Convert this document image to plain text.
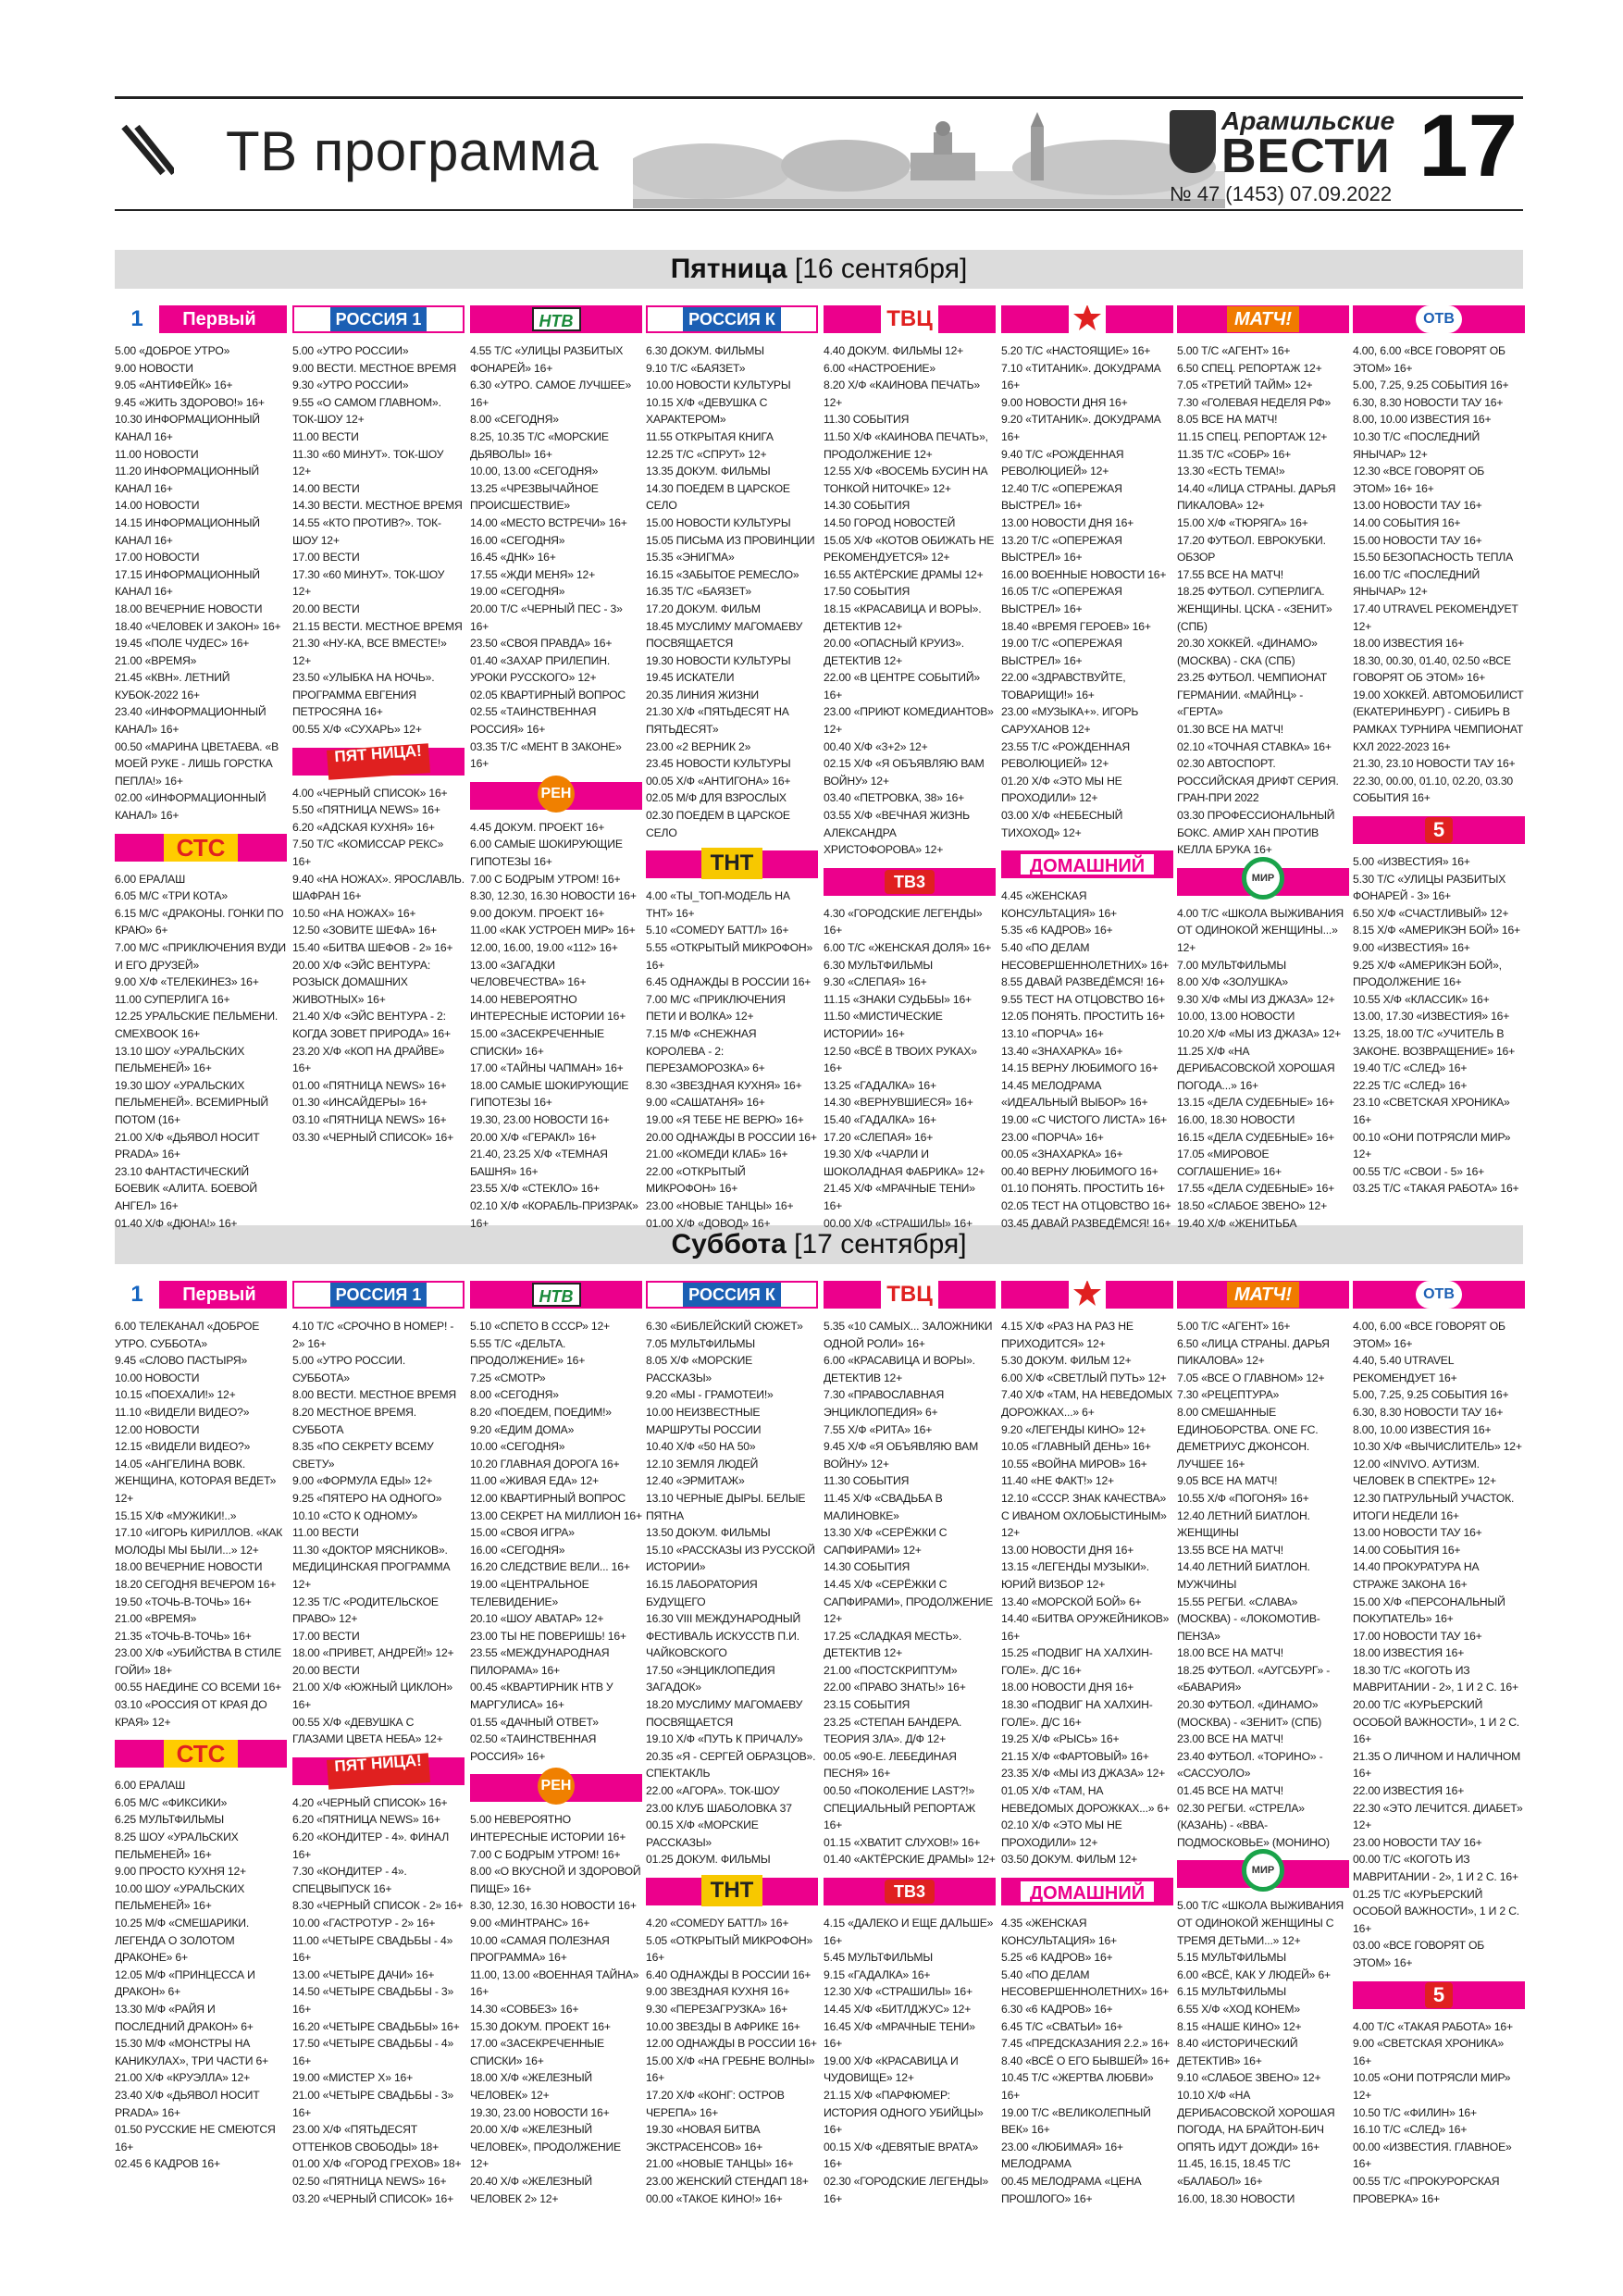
ТВ программа	Арамильские
ВЕСТИ
№ 47 (1453) 07.09.2022 17
Пятница [16 сентября]
Суббота [17 сентября]
1	Первый
5.00 «ДОБРОЕ УТРО»
9.00 НОВОСТИ
9.05 «АНТИФЕЙК» 16+
9.45 «ЖИТЬ ЗДОРОВО!» 16+
10.30 ИНФОРМАЦИОННЫЙ КАНАЛ 16+
11.00 НОВОСТИ
11.20 ИНФОРМАЦИОННЫЙ КАНАЛ 16+
14.00 НОВОСТИ
14.15 ИНФОРМАЦИОННЫЙ КАНАЛ 16+
17.00 НОВОСТИ
17.15 ИНФОРМАЦИОННЫЙ КАНАЛ 16+
18.00 ВЕЧЕРНИЕ НОВОСТИ
18.40 «ЧЕЛОВЕК И ЗАКОН» 16+
19.45 «ПОЛЕ ЧУДЕС» 16+
21.00 «ВРЕМЯ»
21.45 «КВН». ЛЕТНИЙ КУБОК-2022 16+
23.40 «ИНФОРМАЦИОННЫЙ КАНАЛ» 16+
00.50 «МАРИНА ЦВЕТАЕВА. «В МОЕЙ РУКЕ - ЛИШЬ ГОРСТКА ПЕПЛА!» 16+
02.00 «ИНФОРМАЦИОННЫЙ КАНАЛ» 16+
СТС
6.00 ЕРАЛАШ
6.05 М/С «ТРИ КОТА»
6.15 М/С «ДРАКОНЫ. ГОНКИ ПО КРАЮ» 6+
7.00 М/С «ПРИКЛЮЧЕНИЯ ВУДИ И ЕГО ДРУЗЕЙ»
9.00 Х/Ф «ТЕЛЕКИНЕЗ» 16+
11.00 СУПЕРЛИГА 16+
12.25 УРАЛЬСКИЕ ПЕЛЬМЕНИ. СМЕХBOOK 16+
13.10 ШОУ «УРАЛЬСКИХ ПЕЛЬМЕНЕЙ» 16+
19.30 ШОУ «УРАЛЬСКИХ ПЕЛЬМЕНЕЙ». ВСЕМИРНЫЙ ПОТОМ (16+
21.00 Х/Ф «ДЬЯВОЛ НОСИТ PRADA» 16+
23.10 ФАНТАСТИЧЕСКИЙ БОЕВИК «АЛИТА. БОЕВОЙ АНГЕЛ» 16+
01.40 Х/Ф «ДЮНА!» 16+
РОССИЯ 1
5.00 «УТРО РОССИИ»
9.00 ВЕСТИ. МЕСТНОЕ ВРЕМЯ
9.30 «УТРО РОССИИ»
9.55 «О САМОМ ГЛАВНОМ». ТОК-ШОУ 12+
11.00 ВЕСТИ
11.30 «60 МИНУТ». ТОК-ШОУ 12+
14.00 ВЕСТИ
14.30 ВЕСТИ. МЕСТНОЕ ВРЕМЯ
14.55 «КТО ПРОТИВ?». ТОК-ШОУ 12+
17.00 ВЕСТИ
17.30 «60 МИНУТ». ТОК-ШОУ 12+
20.00 ВЕСТИ
21.15 ВЕСТИ. МЕСТНОЕ ВРЕМЯ
21.30 «НУ-КА, ВСЕ ВМЕСТЕ!» 12+
23.50 «УЛЫБКА НА НОЧЬ». ПРОГРАММА ЕВГЕНИЯ ПЕТРОСЯНА 16+
00.55 Х/Ф «СУХАРЬ» 12+
ПЯТ НИЦА!
4.00 «ЧЕРНЫЙ СПИСОК» 16+
5.50 «ПЯТНИЦА NEWS» 16+
6.20 «АДСКАЯ КУХНЯ» 16+
7.50 Т/С «КОМИССАР РЕКС» 16+
9.40 «НА НОЖАХ». ЯРОСЛАВЛЬ. ШАФРАН 16+
10.50 «НА НОЖАХ» 16+
12.50 «ЗОВИТЕ ШЕФА» 16+
15.40 «БИТВА ШЕФОВ - 2» 16+
20.00 Х/Ф «ЭЙС ВЕНТУРА: РОЗЫСК ДОМАШНИХ ЖИВОТНЫХ» 16+
21.40 Х/Ф «ЭЙС ВЕНТУРА - 2: КОГДА ЗОВЕТ ПРИРОДА» 16+
23.20 Х/Ф «КОП НА ДРАЙВЕ» 16+
01.00 «ПЯТНИЦА NEWS» 16+
01.30 «ИНСАЙДЕРЫ» 16+
03.10 «ПЯТНИЦА NEWS» 16+
03.30 «ЧЕРНЫЙ СПИСОК» 16+
НТВ
4.55 Т/С «УЛИЦЫ РАЗБИТЫХ ФОНАРЕЙ» 16+
6.30 «УТРО. САМОЕ ЛУЧШЕЕ» 16+
8.00 «СЕГОДНЯ»
8.25, 10.35 Т/С «МОРСКИЕ ДЬЯВОЛЫ» 16+
10.00, 13.00 «СЕГОДНЯ»
13.25 «ЧРЕЗВЫЧАЙНОЕ ПРОИСШЕСТВИЕ»
14.00 «МЕСТО ВСТРЕЧИ» 16+
16.00 «СЕГОДНЯ»
16.45 «ДНК» 16+
17.55 «ЖДИ МЕНЯ» 12+
19.00 «СЕГОДНЯ»
20.00 Т/С «ЧЕРНЫЙ ПЕС - 3» 16+
23.50 «СВОЯ ПРАВДА» 16+
01.40 «ЗАХАР ПРИЛЕПИН. УРОКИ РУССКОГО» 12+
02.05 КВАРТИРНЫЙ ВОПРОС
02.55 «ТАИНСТВЕННАЯ РОССИЯ» 16+
03.35 Т/С «МЕНТ В ЗАКОНЕ» 16+
РЕН
4.45 ДОКУМ. ПРОЕКТ 16+
6.00 САМЫЕ ШОКИРУЮЩИЕ ГИПОТЕЗЫ 16+
7.00 С БОДРЫМ УТРОМ! 16+
8.30, 12.30, 16.30 НОВОСТИ 16+
9.00 ДОКУМ. ПРОЕКТ 16+
11.00 «КАК УСТРОЕН МИР» 16+
12.00, 16.00, 19.00 «112» 16+
13.00 «ЗАГАДКИ ЧЕЛОВЕЧЕСТВА» 16+
14.00 НЕВЕРОЯТНО ИНТЕРЕСНЫЕ ИСТОРИИ 16+
15.00 «ЗАСЕКРЕЧЕННЫЕ СПИСКИ» 16+
17.00 «ТАЙНЫ ЧАПМАН» 16+
18.00 САМЫЕ ШОКИРУЮЩИЕ ГИПОТЕЗЫ 16+
19.30, 23.00 НОВОСТИ 16+
20.00 Х/Ф «ГЕРАКЛ» 16+
21.40, 23.25 Х/Ф «ТЕМНАЯ БАШНЯ» 16+
23.55 Х/Ф «СТЕКЛО» 16+
02.10 Х/Ф «КОРАБЛЬ-ПРИЗРАК» 16+
РОССИЯ К
6.30 ДОКУМ. ФИЛЬМЫ
9.10 Т/С «БАЯЗЕТ»
10.00 НОВОСТИ КУЛЬТУРЫ
10.15 Х/Ф «ДЕВУШКА С ХАРАКТЕРОМ»
11.55 ОТКРЫТАЯ КНИГА
12.25 Т/С «СПРУТ» 12+
13.35 ДОКУМ. ФИЛЬМЫ
14.30 ПОЕДЕМ В ЦАРСКОЕ СЕЛО
15.00 НОВОСТИ КУЛЬТУРЫ
15.05 ПИСЬМА ИЗ ПРОВИНЦИИ
15.35 «ЭНИГМА»
16.15 «ЗАБЫТОЕ РЕМЕСЛО»
16.35 Т/С «БАЯЗЕТ»
17.20 ДОКУМ. ФИЛЬМ
18.45 МУСЛИМУ МАГОМАЕВУ ПОСВЯЩАЕТСЯ
19.30 НОВОСТИ КУЛЬТУРЫ
19.45 ИСКАТЕЛИ
20.35 ЛИНИЯ ЖИЗНИ
21.30 Х/Ф «ПЯТЬДЕСЯТ НА ПЯТЬДЕСЯТ»
23.00 «2 ВЕРНИК 2»
23.45 НОВОСТИ КУЛЬТУРЫ
00.05 Х/Ф «АНТИГОНА» 16+
02.05 М/Ф ДЛЯ ВЗРОСЛЫХ
02.30 ПОЕДЕМ В ЦАРСКОЕ СЕЛО
ТНТ
4.00 «ТЫ_ТОП-МОДЕЛЬ НА ТНТ» 16+
5.10 «COMEDY БАТТЛ» 16+
5.55 «ОТКРЫТЫЙ МИКРОФОН» 16+
6.45 ОДНАЖДЫ В РОССИИ 16+
7.00 М/С «ПРИКЛЮЧЕНИЯ ПЕТИ И ВОЛКА» 12+
7.15 М/Ф «СНЕЖНАЯ КОРОЛЕВА - 2: ПЕРЕЗАМОРОЗКА» 6+
8.30 «ЗВЕЗДНАЯ КУХНЯ» 16+
9.00 «САШАТАНЯ» 16+
19.00 «Я ТЕБЕ НЕ ВЕРЮ» 16+
20.00 ОДНАЖДЫ В РОССИИ 16+
21.00 «КОМЕДИ КЛАБ» 16+
22.00 «ОТКРЫТЫЙ МИКРОФОН» 16+
23.00 «НОВЫЕ ТАНЦЫ» 16+
01.00 Х/Ф «ДОВОД» 16+
ТВЦ
4.40 ДОКУМ. ФИЛЬМЫ 12+
6.00 «НАСТРОЕНИЕ»
8.20 Х/Ф «КАИНОВА ПЕЧАТЬ» 12+
11.30 СОБЫТИЯ
11.50 Х/Ф «КАИНОВА ПЕЧАТЬ», ПРОДОЛЖЕНИЕ 12+
12.55 Х/Ф «ВОСЕМЬ БУСИН НА ТОНКОЙ НИТОЧКЕ» 12+
14.30 СОБЫТИЯ
14.50 ГОРОД НОВОСТЕЙ
15.05 Х/Ф «КОТОВ ОБИЖАТЬ НЕ РЕКОМЕНДУЕТСЯ» 12+
16.55 АКТЁРСКИЕ ДРАМЫ 12+
17.50 СОБЫТИЯ
18.15 «КРАСАВИЦА И ВОРЫ». ДЕТЕКТИВ 12+
20.00 «ОПАСНЫЙ КРУИЗ». ДЕТЕКТИВ 12+
22.00 «В ЦЕНТРЕ СОБЫТИЙ» 16+
23.00 «ПРИЮТ КОМЕДИАНТОВ» 12+
00.40 Х/Ф «3+2» 12+
02.15 Х/Ф «Я ОБЪЯВЛЯЮ ВАМ ВОЙНУ» 12+
03.40 «ПЕТРОВКА, 38» 16+
03.55 Х/Ф «ВЕЧНАЯ ЖИЗНЬ АЛЕКСАНДРА ХРИСТОФОРОВА» 12+
ТВ3
4.30 «ГОРОДСКИЕ ЛЕГЕНДЫ» 16+
6.00 Т/С «ЖЕНСКАЯ ДОЛЯ» 16+
6.30 МУЛЬТФИЛЬМЫ
9.30 «СЛЕПАЯ» 16+
11.15 «ЗНАКИ СУДЬБЫ» 16+
11.50 «МИСТИЧЕСКИЕ ИСТОРИИ» 16+
12.50 «ВСЁ В ТВОИХ РУКАХ» 16+
13.25 «ГАДАЛКА» 16+
14.30 «ВЕРНУВШИЕСЯ» 16+
15.40 «ГАДАЛКА» 16+
17.20 «СЛЕПАЯ» 16+
19.30 Х/Ф «ЧАРЛИ И ШОКОЛАДНАЯ ФАБРИКА» 12+
21.45 Х/Ф «МРАЧНЫЕ ТЕНИ» 16+
00.00 Х/Ф «СТРАШИЛЫ» 16+
5.20 Т/С «НАСТОЯЩИЕ» 16+
7.10 «ТИТАНИК». ДОКУДРАМА 16+
9.00 НОВОСТИ ДНЯ 16+
9.20 «ТИТАНИК». ДОКУДРАМА 16+
9.40 Т/С «РОЖДЕННАЯ РЕВОЛЮЦИЕЙ» 12+
12.40 Т/С «ОПЕРЕЖАЯ ВЫСТРЕЛ» 16+
13.00 НОВОСТИ ДНЯ 16+
13.20 Т/С «ОПЕРЕЖАЯ ВЫСТРЕЛ» 16+
16.00 ВОЕННЫЕ НОВОСТИ 16+
16.05 Т/С «ОПЕРЕЖАЯ ВЫСТРЕЛ» 16+
18.40 «ВРЕМЯ ГЕРОЕВ» 16+
19.00 Т/С «ОПЕРЕЖАЯ ВЫСТРЕЛ» 16+
22.00 «ЗДРАВСТВУЙТЕ, ТОВАРИЩИ!» 16+
23.00 «МУЗЫКА+». ИГОРЬ САРУХАНОВ 12+
23.55 Т/С «РОЖДЕННАЯ РЕВОЛЮЦИЕЙ» 12+
01.20 Х/Ф «ЭТО МЫ НЕ ПРОХОДИЛИ» 12+
03.00 Х/Ф «НЕБЕСНЫЙ ТИХОХОД» 12+
ДОМАШНИЙ
4.45 «ЖЕНСКАЯ КОНСУЛЬТАЦИЯ» 16+
5.35 «6 КАДРОВ» 16+
5.40 «ПО ДЕЛАМ НЕСОВЕРШЕННОЛЕТНИХ» 16+
8.55 ДАВАЙ РАЗВЕДЁМСЯ! 16+
9.55 ТЕСТ НА ОТЦОВСТВО 16+
12.05 ПОНЯТЬ. ПРОСТИТЬ 16+
13.10 «ПОРЧА» 16+
13.40 «ЗНАХАРКА» 16+
14.15 ВЕРНУ ЛЮБИМОГО 16+
14.45 МЕЛОДРАМА «ИДЕАЛЬНЫЙ ВЫБОР» 16+
19.00 «С ЧИСТОГО ЛИСТА» 16+
23.00 «ПОРЧА» 16+
00.05 «ЗНАХАРКА» 16+
00.40 ВЕРНУ ЛЮБИМОГО 16+
01.10 ПОНЯТЬ. ПРОСТИТЬ 16+
02.05 ТЕСТ НА ОТЦОВСТВО 16+
03.45 ДАВАЙ РАЗВЕДЁМСЯ! 16+
МАТЧ!
5.00 Т/С «АГЕНТ» 16+
6.50 СПЕЦ. РЕПОРТАЖ 12+
7.05 «ТРЕТИЙ ТАЙМ» 12+
7.30 «ГОЛЕВАЯ НЕДЕЛЯ РФ»
8.05 ВСЕ НА МАТЧ!
11.15 СПЕЦ. РЕПОРТАЖ 12+
11.35 Т/С «СОБР» 16+
13.30 «ЕСТЬ ТЕМА!»
14.40 «ЛИЦА СТРАНЫ. ДАРЬЯ ПИКАЛОВА» 12+
15.00 Х/Ф «ТЮРЯГА» 16+
17.20 ФУТБОЛ. ЕВРОКУБКИ. ОБЗОР
17.55 ВСЕ НА МАТЧ!
18.25 ФУТБОЛ. СУПЕРЛИГА. ЖЕНЩИНЫ. ЦСКА - «ЗЕНИТ» (СПБ)
20.30 ХОККЕЙ. «ДИНАМО» (МОСКВА) - СКА (СПБ)
23.25 ФУТБОЛ. ЧЕМПИОНАТ ГЕРМАНИИ. «МАЙНЦ» - «ГЕРТА»
01.30 ВСЕ НА МАТЧ!
02.10 «ТОЧНАЯ СТАВКА» 16+
02.30 АВТОСПОРТ. РОССИЙСКАЯ ДРИФТ СЕРИЯ. ГРАН-ПРИ 2022
03.30 ПРОФЕССИОНАЛЬНЫЙ БОКС. АМИР ХАН ПРОТИВ КЕЛЛА БРУКА 16+
МИР
4.00 Т/С «ШКОЛА ВЫЖИВАНИЯ ОТ ОДИНОКОЙ ЖЕНЩИНЫ...» 12+
7.00 МУЛЬТФИЛЬМЫ
8.00 Х/Ф «ЗОЛУШКА»
9.30 Х/Ф «МЫ ИЗ ДЖАЗА» 12+
10.00, 13.00 НОВОСТИ
10.20 Х/Ф «МЫ ИЗ ДЖАЗА» 12+
11.25 Х/Ф «НА ДЕРИБАСОВСКОЙ ХОРОШАЯ ПОГОДА...» 16+
13.15 «ДЕЛА СУДЕБНЫЕ» 16+
16.00, 18.30 НОВОСТИ
16.15 «ДЕЛА СУДЕБНЫЕ» 16+
17.05 «МИРОВОЕ СОГЛАШЕНИЕ» 16+
17.55 «ДЕЛА СУДЕБНЫЕ» 16+
18.50 «СЛАБОЕ ЗВЕНО» 12+
19.40 Х/Ф «ЖЕНИТЬБА
ОТВ
4.00, 6.00 «ВСЕ ГОВОРЯТ ОБ ЭТОМ» 16+
5.00, 7.25, 9.25 СОБЫТИЯ 16+
6.30, 8.30 НОВОСТИ ТАУ 16+
8.00, 10.00 ИЗВЕСТИЯ 16+
10.30 Т/С «ПОСЛЕДНИЙ ЯНЫЧАР» 12+
12.30 «ВСЕ ГОВОРЯТ ОБ ЭТОМ» 16+ 16+
13.00 НОВОСТИ ТАУ 16+
14.00 СОБЫТИЯ 16+
15.00 НОВОСТИ ТАУ 16+
15.50 БЕЗОПАСНОСТЬ ТЕПЛА
16.00 Т/С «ПОСЛЕДНИЙ ЯНЫЧАР» 12+
17.40 UTRAVEL РЕКОМЕНДУЕТ 12+
18.00 ИЗВЕСТИЯ 16+
18.30, 00.30, 01.40, 02.50 «ВСЕ ГОВОРЯТ ОБ ЭТОМ» 16+
19.00 ХОККЕЙ. АВТОМОБИЛИСТ (ЕКАТЕРИНБУРГ) - СИБИРЬ В РАМКАХ ТУРНИРА ЧЕМПИОНАТ КХЛ 2022-2023 16+
21.30, 23.10 НОВОСТИ ТАУ 16+
22.30, 00.00, 01.10, 02.20, 03.30 СОБЫТИЯ 16+
5
5.00 «ИЗВЕСТИЯ» 16+
5.30 Т/С «УЛИЦЫ РАЗБИТЫХ ФОНАРЕЙ - 3» 16+
6.50 Х/Ф «СЧАСТЛИВЫЙ» 12+
8.15 Х/Ф «АМЕРИКЭН БОЙ» 16+
9.00 «ИЗВЕСТИЯ» 16+
9.25 Х/Ф «АМЕРИКЭН БОЙ», ПРОДОЛЖЕНИЕ 16+
10.55 Х/Ф «КЛАССИК» 16+
13.00, 17.30 «ИЗВЕСТИЯ» 16+
13.25, 18.00 Т/С «УЧИТЕЛЬ В ЗАКОНЕ. ВОЗВРАЩЕНИЕ» 16+
19.40 Т/С «СЛЕД» 16+
22.25 Т/С «СЛЕД» 16+
23.10 «СВЕТСКАЯ ХРОНИКА» 16+
00.10 «ОНИ ПОТРЯСЛИ МИР» 12+
00.55 Т/С «СВОИ - 5» 16+
03.25 Т/С «ТАКАЯ РАБОТА» 16+
1	Первый
6.00 ТЕЛЕКАНАЛ «ДОБРОЕ УТРО. СУББОТА»
9.45 «СЛОВО ПАСТЫРЯ»
10.00 НОВОСТИ
10.15 «ПОЕХАЛИ!» 12+
11.10 «ВИДЕЛИ ВИДЕО?»
12.00 НОВОСТИ
12.15 «ВИДЕЛИ ВИДЕО?»
14.05 «АНГЕЛИНА ВОВК. ЖЕНЩИНА, КОТОРАЯ ВЕДЕТ» 12+
15.15 Х/Ф «МУЖИКИ!..»
17.10 «ИГОРЬ КИРИЛЛОВ. «КАК МОЛОДЫ МЫ БЫЛИ...» 12+
18.00 ВЕЧЕРНИЕ НОВОСТИ
18.20 СЕГОДНЯ ВЕЧЕРОМ 16+
19.50 «ТОЧЬ-В-ТОЧЬ» 16+
21.00 «ВРЕМЯ»
21.35 «ТОЧЬ-В-ТОЧЬ» 16+
23.00 Х/Ф «УБИЙСТВА В СТИЛЕ ГОЙИ» 18+
00.55 НАЕДИНЕ СО ВСЕМИ 16+
03.10 «РОССИЯ ОТ КРАЯ ДО КРАЯ» 12+
СТС
6.00 ЕРАЛАШ
6.05 М/С «ФИКСИКИ»
6.25 МУЛЬТФИЛЬМЫ
8.25 ШОУ «УРАЛЬСКИХ ПЕЛЬМЕНЕЙ» 16+
9.00 ПРОСТО КУХНЯ 12+
10.00 ШОУ «УРАЛЬСКИХ ПЕЛЬМЕНЕЙ» 16+
10.25 М/Ф «СМЕШАРИКИ. ЛЕГЕНДА О ЗОЛОТОМ ДРАКОНЕ» 6+
12.05 М/Ф «ПРИНЦЕССА И ДРАКОН» 6+
13.30 М/Ф «РАЙЯ И ПОСЛЕДНИЙ ДРАКОН» 6+
15.30 М/Ф «МОНСТРЫ НА КАНИКУЛАХ», ТРИ ЧАСТИ 6+
21.00 Х/Ф «КРУЭЛЛА» 12+
23.40 Х/Ф «ДЬЯВОЛ НОСИТ PRADA» 16+
01.50 РУССКИЕ НЕ СМЕЮТСЯ 16+
02.45 6 КАДРОВ 16+
РОССИЯ 1
4.10 Т/С «СРОЧНО В НОМЕР! - 2» 16+
5.00 «УТРО РОССИИ. СУББОТА»
8.00 ВЕСТИ. МЕСТНОЕ ВРЕМЯ
8.20 МЕСТНОЕ ВРЕМЯ. СУББОТА
8.35 «ПО СЕКРЕТУ ВСЕМУ СВЕТУ»
9.00 «ФОРМУЛА ЕДЫ» 12+
9.25 «ПЯТЕРО НА ОДНОГО»
10.10 «СТО К ОДНОМУ»
11.00 ВЕСТИ
11.30 «ДОКТОР МЯСНИКОВ». МЕДИЦИНСКАЯ ПРОГРАММА 12+
12.35 Т/С «РОДИТЕЛЬСКОЕ ПРАВО» 12+
17.00 ВЕСТИ
18.00 «ПРИВЕТ, АНДРЕЙ!» 12+
20.00 ВЕСТИ
21.00 Х/Ф «ЮЖНЫЙ ЦИКЛОН» 16+
00.55 Х/Ф «ДЕВУШКА С ГЛАЗАМИ ЦВЕТА НЕБА» 12+
ПЯТ НИЦА!
4.20 «ЧЕРНЫЙ СПИСОК» 16+
6.20 «ПЯТНИЦА NEWS» 16+
6.20 «КОНДИТЕР - 4». ФИНАЛ 16+
7.30 «КОНДИТЕР - 4». СПЕЦВЫПУСК 16+
8.30 «ЧЕРНЫЙ СПИСОК - 2» 16+
10.00 «ГАСТРОТУР - 2» 16+
11.00 «ЧЕТЫРЕ СВАДЬБЫ - 4» 16+
13.00 «ЧЕТЫРЕ ДАЧИ» 16+
14.50 «ЧЕТЫРЕ СВАДЬБЫ - 3» 16+
16.20 «ЧЕТЫРЕ СВАДЬБЫ» 16+
17.50 «ЧЕТЫРЕ СВАДЬБЫ - 4» 16+
19.00 «МИСТЕР Х» 16+
21.00 «ЧЕТЫРЕ СВАДЬБЫ - 3» 16+
23.00 Х/Ф «ПЯТЬДЕСЯТ ОТТЕНКОВ СВОБОДЫ» 18+
01.00 Х/Ф «ГОРОД ГРЕХОВ» 18+
02.50 «ПЯТНИЦА NEWS» 16+
03.20 «ЧЕРНЫЙ СПИСОК» 16+
НТВ
5.10 «СПЕТО В СССР» 12+
5.55 Т/С «ДЕЛЬТА. ПРОДОЛЖЕНИЕ» 16+
7.25 «СМОТР»
8.00 «СЕГОДНЯ»
8.20 «ПОЕДЕМ, ПОЕДИМ!»
9.20 «ЕДИМ ДОМА»
10.00 «СЕГОДНЯ»
10.20 ГЛАВНАЯ ДОРОГА 16+
11.00 «ЖИВАЯ ЕДА» 12+
12.00 КВАРТИРНЫЙ ВОПРОС
13.00 СЕКРЕТ НА МИЛЛИОН 16+
15.00 «СВОЯ ИГРА»
16.00 «СЕГОДНЯ»
16.20 СЛЕДСТВИЕ ВЕЛИ... 16+
19.00 «ЦЕНТРАЛЬНОЕ ТЕЛЕВИДЕНИЕ»
20.10 «ШОУ АВАТАР» 12+
23.00 ТЫ НЕ ПОВЕРИШЬ! 16+
23.55 «МЕЖДУНАРОДНАЯ ПИЛОРАМА» 16+
00.45 «КВАРТИРНИК НТВ У МАРГУЛИСА» 16+
01.55 «ДАЧНЫЙ ОТВЕТ»
02.50 «ТАИНСТВЕННАЯ РОССИЯ» 16+
РЕН
5.00 НЕВЕРОЯТНО ИНТЕРЕСНЫЕ ИСТОРИИ 16+
7.00 С БОДРЫМ УТРОМ! 16+
8.00 «О ВКУСНОЙ И ЗДОРОВОЙ ПИЩЕ» 16+
8.30, 12.30, 16.30 НОВОСТИ 16+
9.00 «МИНТРАНС» 16+
10.00 «САМАЯ ПОЛЕЗНАЯ ПРОГРАММА» 16+
11.00, 13.00 «ВОЕННАЯ ТАЙНА» 16+
14.30 «СОВБЕЗ» 16+
15.30 ДОКУМ. ПРОЕКТ 16+
17.00 «ЗАСЕКРЕЧЕННЫЕ СПИСКИ» 16+
18.00 Х/Ф «ЖЕЛЕЗНЫЙ ЧЕЛОВЕК» 12+
19.30, 23.00 НОВОСТИ 16+
20.00 Х/Ф «ЖЕЛЕЗНЫЙ ЧЕЛОВЕК», ПРОДОЛЖЕНИЕ 12+
20.40 Х/Ф «ЖЕЛЕЗНЫЙ ЧЕЛОВЕК 2» 12+
РОССИЯ К
6.30 «БИБЛЕЙСКИЙ СЮЖЕТ»
7.05 МУЛЬТФИЛЬМЫ
8.05 Х/Ф «МОРСКИЕ РАССКАЗЫ»
9.20 «МЫ - ГРАМОТЕИ!»
10.00 НЕИЗВЕСТНЫЕ МАРШРУТЫ РОССИИ
10.40 Х/Ф «50 НА 50»
12.10 ЗЕМЛЯ ЛЮДЕЙ
12.40 «ЭРМИТАЖ»
13.10 ЧЕРНЫЕ ДЫРЫ. БЕЛЫЕ ПЯТНА
13.50 ДОКУМ. ФИЛЬМЫ
15.10 «РАССКАЗЫ ИЗ РУССКОЙ ИСТОРИИ»
16.15 ЛАБОРАТОРИЯ БУДУЩЕГО
16.30 VIII МЕЖДУНАРОДНЫЙ ФЕСТИВАЛЬ ИСКУССТВ П.И. ЧАЙКОВСКОГО
17.50 «ЭНЦИКЛОПЕДИЯ ЗАГАДОК»
18.20 МУСЛИМУ МАГОМАЕВУ ПОСВЯЩАЕТСЯ
19.10 Х/Ф «ПУТЬ К ПРИЧАЛУ»
20.35 «Я - СЕРГЕЙ ОБРАЗЦОВ». СПЕКТАКЛЬ
22.00 «АГОРА». ТОК-ШОУ
23.00 КЛУБ ШАБОЛОВКА 37
00.15 Х/Ф «МОРСКИЕ РАССКАЗЫ»
01.25 ДОКУМ. ФИЛЬМЫ
ТНТ
4.20 «COMEDY БАТТЛ» 16+
5.05 «ОТКРЫТЫЙ МИКРОФОН» 16+
6.40 ОДНАЖДЫ В РОССИИ 16+
9.00 ЗВЕЗДНАЯ КУХНЯ 16+
9.30 «ПЕРЕЗАГРУЗКА» 16+
10.00 ЗВЕЗДЫ В АФРИКЕ 16+
12.00 ОДНАЖДЫ В РОССИИ 16+
15.00 Х/Ф «НА ГРЕБНЕ ВОЛНЫ» 16+
17.20 Х/Ф «КОНГ: ОСТРОВ ЧЕРЕПА» 16+
19.30 «НОВАЯ БИТВА ЭКСТРАСЕНСОВ» 16+
21.00 «НОВЫЕ ТАНЦЫ» 16+
23.00 ЖЕНСКИЙ СТЕНДАП 18+
00.00 «ТАКОЕ КИНО!» 16+
ТВЦ
5.35 «10 САМЫХ... ЗАЛОЖНИКИ ОДНОЙ РОЛИ» 16+
6.00 «КРАСАВИЦА И ВОРЫ». ДЕТЕКТИВ 12+
7.30 «ПРАВОСЛАВНАЯ ЭНЦИКЛОПЕДИЯ» 6+
7.55 Х/Ф «РИТА» 16+
9.45 Х/Ф «Я ОБЪЯВЛЯЮ ВАМ ВОЙНУ» 12+
11.30 СОБЫТИЯ
11.45 Х/Ф «СВАДЬБА В МАЛИНОВКЕ»
13.30 Х/Ф «СЕРЁЖКИ С САПФИРАМИ» 12+
14.30 СОБЫТИЯ
14.45 Х/Ф «СЕРЁЖКИ С САПФИРАМИ», ПРОДОЛЖЕНИЕ 12+
17.25 «СЛАДКАЯ МЕСТЬ». ДЕТЕКТИВ 12+
21.00 «ПОСТСКРИПТУМ»
22.00 «ПРАВО ЗНАТЬ!» 16+
23.15 СОБЫТИЯ
23.25 «СТЕПАН БАНДЕРА. ТЕОРИЯ ЗЛА». Д/Ф 12+
00.05 «90-Е. ЛЕБЕДИНАЯ ПЕСНЯ» 16+
00.50 «ПОКОЛЕНИЕ LAST?!» СПЕЦИАЛЬНЫЙ РЕПОРТАЖ 16+
01.15 «ХВАТИТ СЛУХОВ!» 16+
01.40 «АКТЁРСКИЕ ДРАМЫ» 12+
ТВ3
4.15 «ДАЛЕКО И ЕЩЕ ДАЛЬШЕ» 16+
5.45 МУЛЬТФИЛЬМЫ
9.15 «ГАДАЛКА» 16+
12.30 Х/Ф «СТРАШИЛЫ» 16+
14.45 Х/Ф «БИТЛДЖУС» 12+
16.45 Х/Ф «МРАЧНЫЕ ТЕНИ» 16+
19.00 Х/Ф «КРАСАВИЦА И ЧУДОВИЩЕ» 12+
21.15 Х/Ф «ПАРФЮМЕР: ИСТОРИЯ ОДНОГО УБИЙЦЫ» 16+
00.15 Х/Ф «ДЕВЯТЫЕ ВРАТА» 16+
02.30 «ГОРОДСКИЕ ЛЕГЕНДЫ» 16+
4.15 Х/Ф «РАЗ НА РАЗ НЕ ПРИХОДИТСЯ» 12+
5.30 ДОКУМ. ФИЛЬМ 12+
6.00 Х/Ф «СВЕТЛЫЙ ПУТЬ» 12+
7.40 Х/Ф «ТАМ, НА НЕВЕДОМЫХ ДОРОЖКАХ...» 6+
9.20 «ЛЕГЕНДЫ КИНО» 12+
10.05 «ГЛАВНЫЙ ДЕНЬ» 16+
10.55 «ВОЙНА МИРОВ» 16+
11.40 «НЕ ФАКТ!» 12+
12.10 «СССР. ЗНАК КАЧЕСТВА» С ИВАНОМ ОХЛОБЫСТИНЫМ» 12+
13.00 НОВОСТИ ДНЯ 16+
13.15 «ЛЕГЕНДЫ МУЗЫКИ». ЮРИЙ ВИЗБОР 12+
13.40 «МОРСКОЙ БОЙ» 6+
14.40 «БИТВА ОРУЖЕЙНИКОВ» 16+
15.25 «ПОДВИГ НА ХАЛХИН-ГОЛЕ». Д/С 16+
18.00 НОВОСТИ ДНЯ 16+
18.30 «ПОДВИГ НА ХАЛХИН-ГОЛЕ». Д/С 16+
19.25 Х/Ф «РЫСЬ» 16+
21.15 Х/Ф «ФАРТОВЫЙ» 16+
23.35 Х/Ф «МЫ ИЗ ДЖАЗА» 12+
01.05 Х/Ф «ТАМ, НА НЕВЕДОМЫХ ДОРОЖКАХ...» 6+
02.10 Х/Ф «ЭТО МЫ НЕ ПРОХОДИЛИ» 12+
03.50 ДОКУМ. ФИЛЬМ 12+
ДОМАШНИЙ
4.35 «ЖЕНСКАЯ КОНСУЛЬТАЦИЯ» 16+
5.25 «6 КАДРОВ» 16+
5.40 «ПО ДЕЛАМ НЕСОВЕРШЕННОЛЕТНИХ» 16+
6.30 «6 КАДРОВ» 16+
6.45 Т/С «СВАТЬИ» 16+
7.45 «ПРЕДСКАЗАНИЯ 2.2.» 16+
8.40 «ВСЁ О ЕГО БЫВШЕЙ» 16+
10.45 Т/С «ЖЕРТВА ЛЮБВИ» 16+
19.00 Т/С «ВЕЛИКОЛЕПНЫЙ ВЕК» 16+
23.00 «ЛЮБИМАЯ» 16+ МЕЛОДРАМА
00.45 МЕЛОДРАМА «ЦЕНА ПРОШЛОГО» 16+
МАТЧ!
5.00 Т/С «АГЕНТ» 16+
6.50 «ЛИЦА СТРАНЫ. ДАРЬЯ ПИКАЛОВА» 12+
7.05 «ВСЕ О ГЛАВНОМ» 12+
7.30 «РЕЦЕПТУРА»
8.00 СМЕШАННЫЕ ЕДИНОБОРСТВА. ONE FC. ДЕМЕТРИУС ДЖОНСОН. ЛУЧШЕЕ 16+
9.05 ВСЕ НА МАТЧ!
10.55 Х/Ф «ПОГОНЯ» 16+
12.40 ЛЕТНИЙ БИАТЛОН. ЖЕНЩИНЫ
13.55 ВСЕ НА МАТЧ!
14.40 ЛЕТНИЙ БИАТЛОН. МУЖЧИНЫ
15.55 РЕГБИ. «СЛАВА» (МОСКВА) - «ЛОКОМОТИВ-ПЕНЗА»
18.00 ВСЕ НА МАТЧ!
18.25 ФУТБОЛ. «АУГСБУРГ» - «БАВАРИЯ»
20.30 ФУТБОЛ. «ДИНАМО» (МОСКВА) - «ЗЕНИТ» (СПБ)
23.00 ВСЕ НА МАТЧ!
23.40 ФУТБОЛ. «ТОРИНО» - «САССУОЛО»
01.45 ВСЕ НА МАТЧ!
02.30 РЕГБИ. «СТРЕЛА» (КАЗАНЬ) - «ВВА-ПОДМОСКОВЬЕ» (МОНИНО)
МИР
5.00 Т/С «ШКОЛА ВЫЖИВАНИЯ ОТ ОДИНОКОЙ ЖЕНЩИНЫ С ТРЕМЯ ДЕТЬМИ...» 12+
5.15 МУЛЬТФИЛЬМЫ
6.00 «ВСЁ, КАК У ЛЮДЕЙ» 6+
6.15 МУЛЬТФИЛЬМЫ
6.55 Х/Ф «ХОД КОНЕМ»
8.15 «НАШЕ КИНО» 12+
8.40 «ИСТОРИЧЕСКИЙ ДЕТЕКТИВ» 16+
9.10 «СЛАБОЕ ЗВЕНО» 12+
10.10 Х/Ф «НА ДЕРИБАСОВСКОЙ ХОРОШАЯ ПОГОДА, НА БРАЙТОН-БИЧ ОПЯТЬ ИДУТ ДОЖДИ» 16+
11.45, 16.15, 18.45 Т/С «БАЛАБОЛ» 16+
16.00, 18.30 НОВОСТИ
ОТВ
4.00, 6.00 «ВСЕ ГОВОРЯТ ОБ ЭТОМ» 16+
4.40, 5.40 UTRAVEL РЕКОМЕНДУЕТ 16+
5.00, 7.25, 9.25 СОБЫТИЯ 16+
6.30, 8.30 НОВОСТИ ТАУ 16+
8.00, 10.00 ИЗВЕСТИЯ 16+
10.30 Х/Ф «ВЫЧИСЛИТЕЛЬ» 12+
12.00 «INVIVO. АУТИЗМ. ЧЕЛОВЕК В СПЕКТРЕ» 12+
12.30 ПАТРУЛЬНЫЙ УЧАСТОК. ИТОГИ НЕДЕЛИ 16+
13.00 НОВОСТИ ТАУ 16+
14.00 СОБЫТИЯ 16+
14.40 ПРОКУРАТУРА НА СТРАЖЕ ЗАКОНА 16+
15.00 Х/Ф «ПЕРСОНАЛЬНЫЙ ПОКУПАТЕЛЬ» 16+
17.00 НОВОСТИ ТАУ 16+
18.00 ИЗВЕСТИЯ 16+
18.30 Т/С «КОГОТЬ ИЗ МАВРИТАНИИ - 2», 1 И 2 С. 16+
20.00 Т/С «КУРЬЕРСКИЙ ОСОБОЙ ВАЖНОСТИ», 1 И 2 С. 16+
21.35 О ЛИЧНОМ И НАЛИЧНОМ 16+
22.00 ИЗВЕСТИЯ 16+
22.30 «ЭТО ЛЕЧИТСЯ. ДИАБЕТ» 12+
23.00 НОВОСТИ ТАУ 16+
00.00 Т/С «КОГОТЬ ИЗ МАВРИТАНИИ - 2», 1 И 2 С. 16+
01.25 Т/С «КУРЬЕРСКИЙ ОСОБОЙ ВАЖНОСТИ», 1 И 2 С. 16+
03.00 «ВСЕ ГОВОРЯТ ОБ ЭТОМ» 16+
5
4.00 Т/С «ТАКАЯ РАБОТА» 16+
9.00 «СВЕТСКАЯ ХРОНИКА» 16+
10.05 «ОНИ ПОТРЯСЛИ МИР» 12+
10.50 Т/С «ФИЛИН» 16+
16.10 Т/С «СЛЕД» 16+
00.00 «ИЗВЕСТИЯ. ГЛАВНОЕ» 16+
00.55 Т/С «ПРОКУРОРСКАЯ ПРОВЕРКА» 16+
